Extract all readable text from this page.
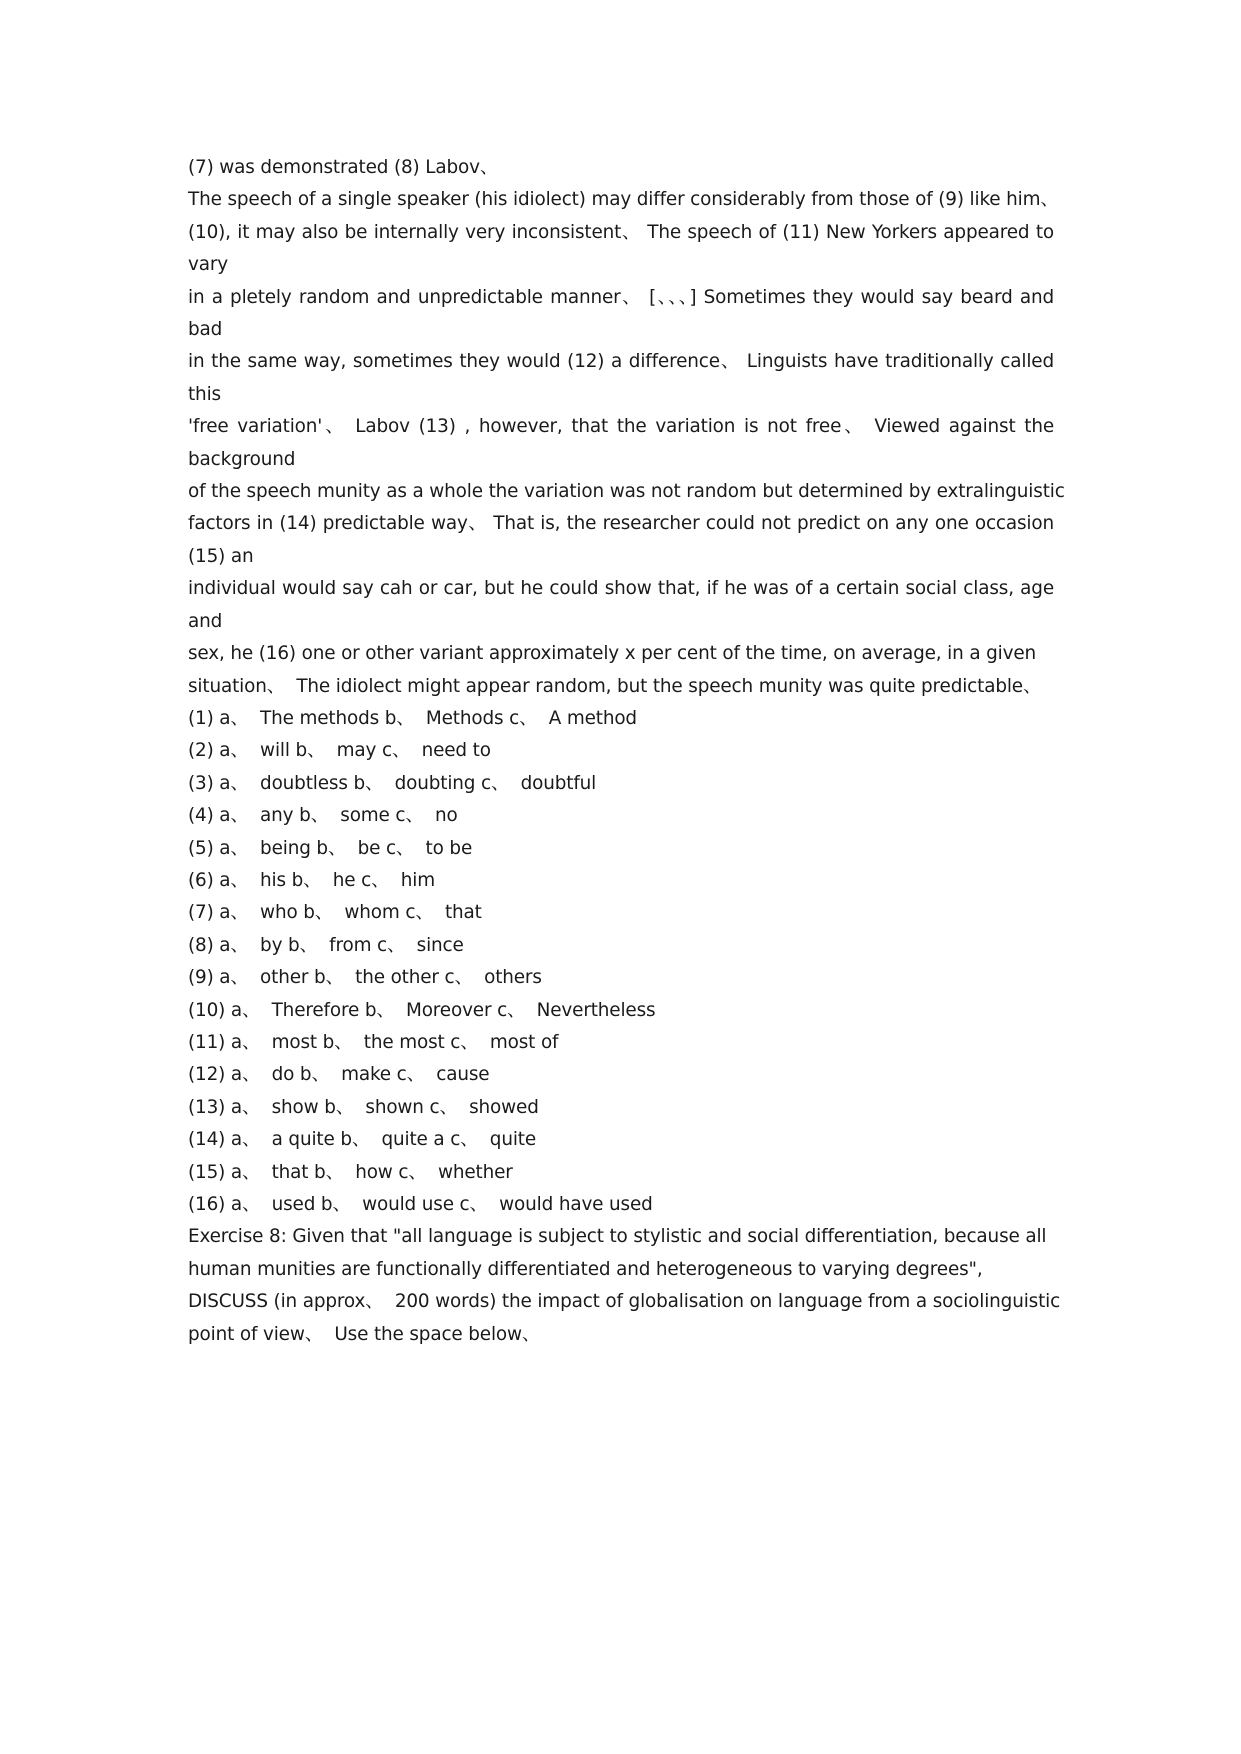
(7) was demonstrated (8) Labov、
The speech of a single speaker (his idiolect) may differ considerably from those of (9) like him、
(10), it may also be internally very inconsistent、 The speech of (11) New Yorkers appeared to
vary
in a pletely random and unpredictable manner、 [、、、] Sometimes they would say beard and
bad
in the same way, sometimes they would (12) a difference、 Linguists have traditionally called
this
'free variation'、 Labov (13) , however, that the variation is not free、 Viewed against the
background
of the speech munity as a whole the variation was not random but determined by extralinguistic
factors in (14) predictable way、 That is, the researcher could not predict on any one occasion
(15) an
individual would say cah or car, but he could show that, if he was of a certain social class, age
and
sex, he (16) one or other variant approximately x per cent of the time, on average, in a given
situation、  The idiolect might appear random, but the speech munity was quite predictable、
(1) a、  The methods b、  Methods c、  A method
(2) a、  will b、  may c、  need to
(3) a、  doubtless b、  doubting c、  doubtful
(4) a、  any b、  some c、  no
(5) a、  being b、  be c、  to be
(6) a、  his b、  he c、  him
(7) a、  who b、  whom c、  that
(8) a、  by b、  from c、  since
(9) a、  other b、  the other c、  others
(10) a、  Therefore b、  Moreover c、  Nevertheless
(11) a、  most b、  the most c、  most of
(12) a、  do b、  make c、  cause
(13) a、  show b、  shown c、  showed
(14) a、  a quite b、  quite a c、  quite
(15) a、  that b、  how c、  whether
(16) a、  used b、  would use c、  would have used
Exercise 8: Given that "all language is subject to stylistic and social differentiation, because all
human munities are functionally differentiated and heterogeneous to varying degrees",
DISCUSS (in approx、  200 words) the impact of globalisation on language from a sociolinguistic
point of view、  Use the space below、
